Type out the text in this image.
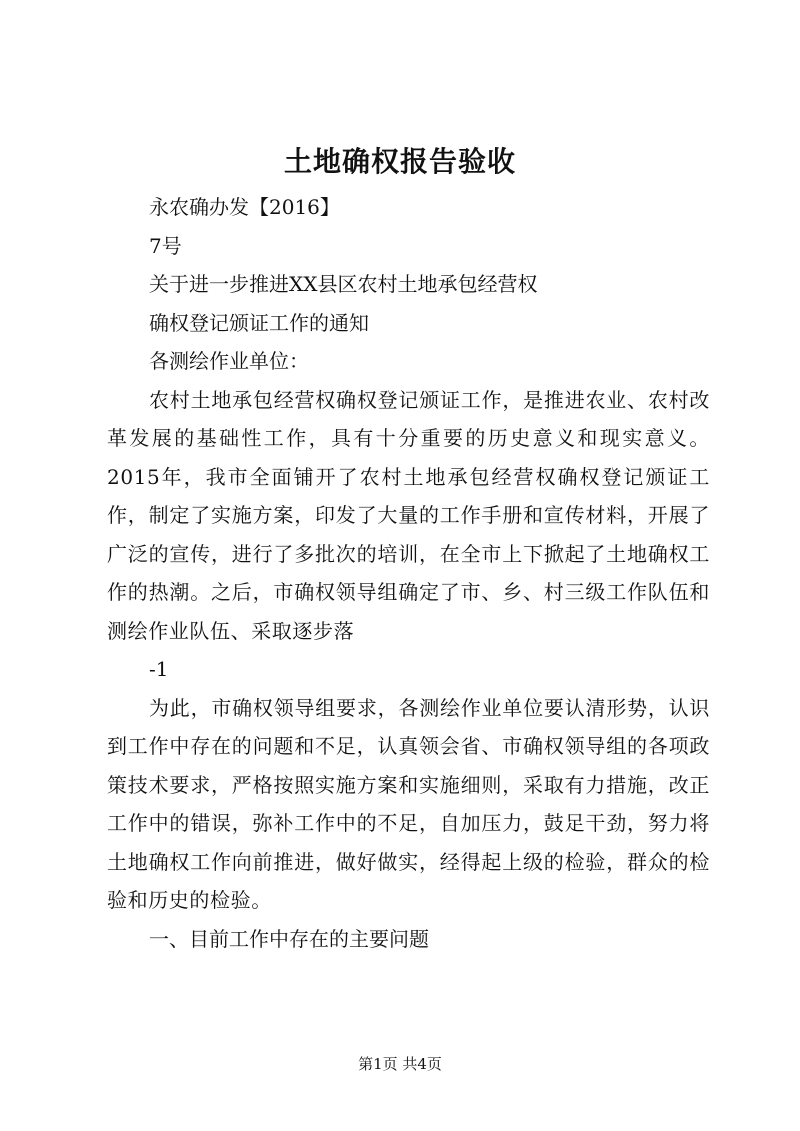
土地确权报告验收

永农确办发【2016】

7号

关于进一步推进XX县区农村土地承包经营权

确权登记颁证工作的通知

各测绘作业单位：

农村土地承包经营权确权登记颁证工作，是推进农业、农村改革发展的基础性工作，具有十分重要的历史意义和现实意义。2015年，我市全面铺开了农村土地承包经营权确权登记颁证工作，制定了实施方案，印发了大量的工作手册和宣传材料，开展了广泛的宣传，进行了多批次的培训，在全市上下掀起了土地确权工作的热潮。之后，市确权领导组确定了市、乡、村三级工作队伍和测绘作业队伍、采取逐步落

-1

为此，市确权领导组要求，各测绘作业单位要认清形势，认识到工作中存在的问题和不足，认真领会省、市确权领导组的各项政策技术要求，严格按照实施方案和实施细则，采取有力措施，改正工作中的错误，弥补工作中的不足，自加压力，鼓足干劲，努力将土地确权工作向前推进，做好做实，经得起上级的检验，群众的检验和历史的检验。

一、目前工作中存在的主要问题

第1页 共4页
